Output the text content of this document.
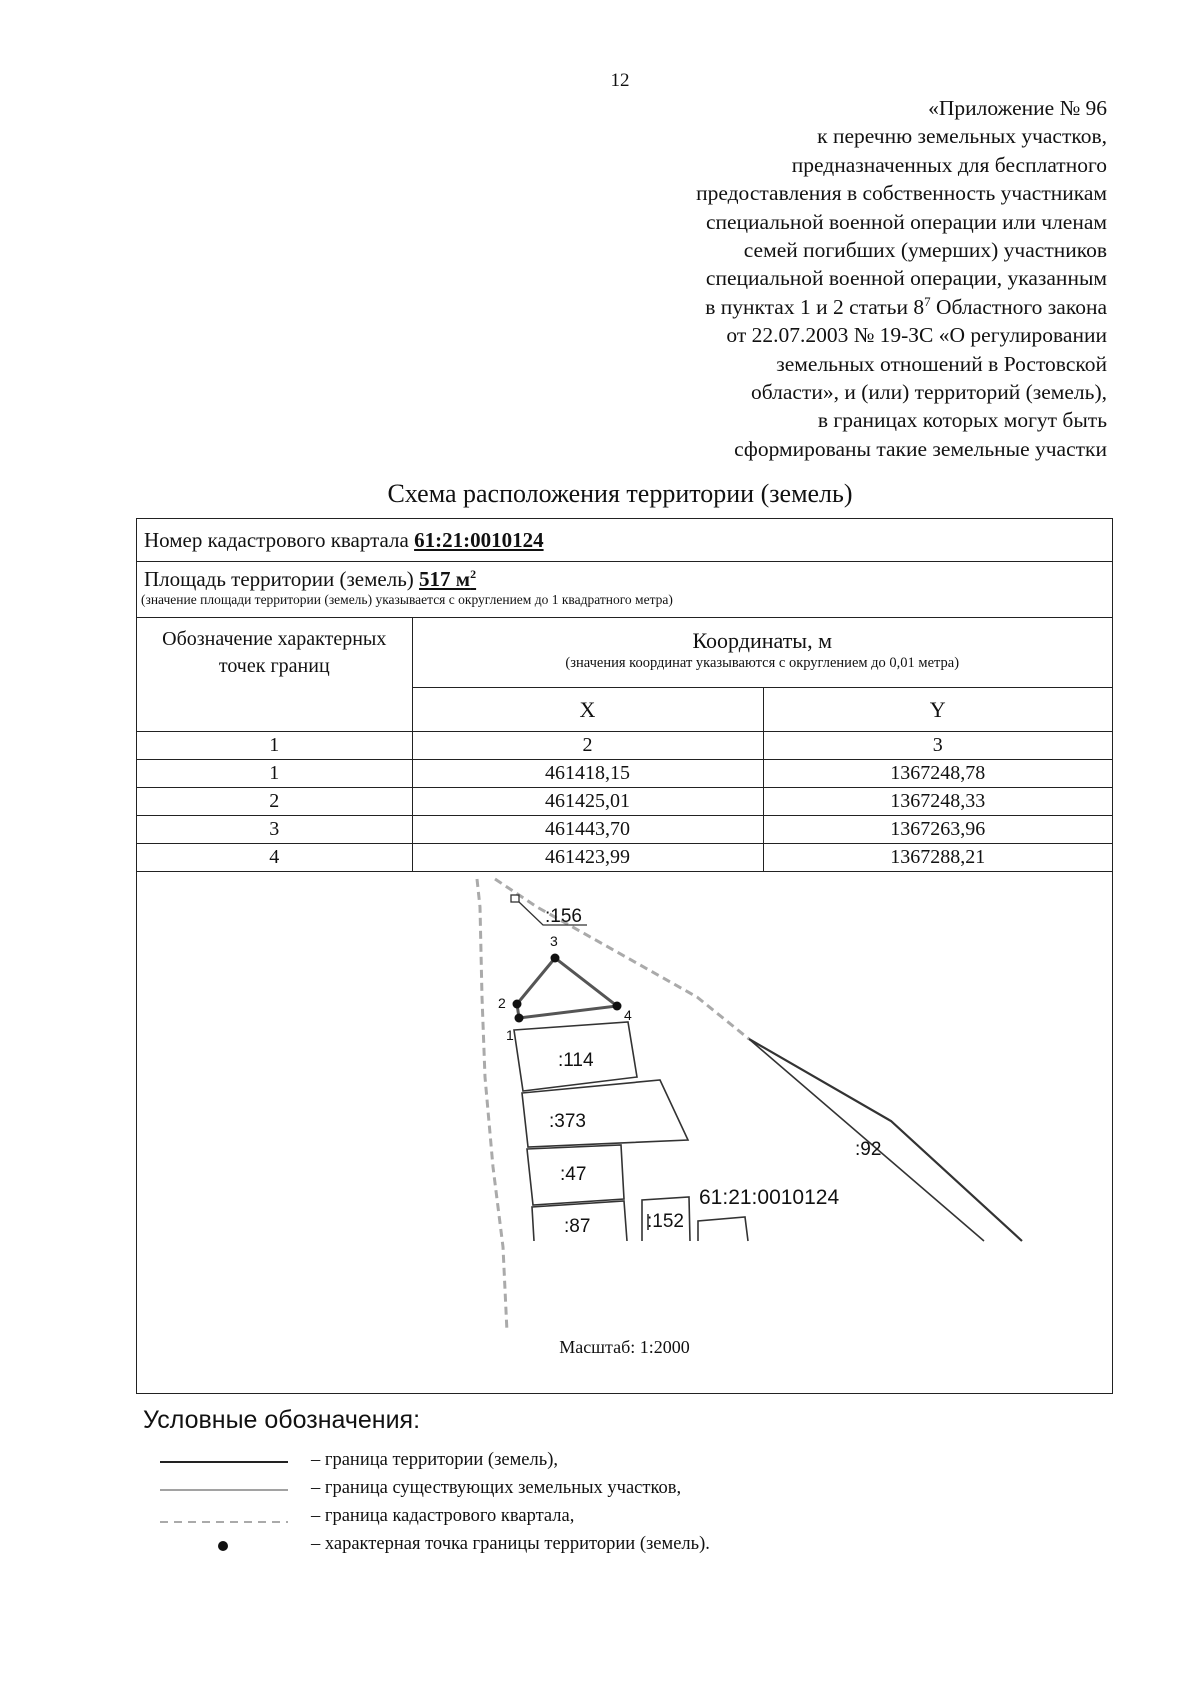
12
«Приложение № 96
к перечню земельных участков,
предназначенных для бесплатного
предоставления в собственность участникам
специальной военной операции или членам
семей погибших (умерших) участников
специальной военной операции, указанным
в пунктах 1 и 2 статьи $8^7$ Областного закона
от 22.07.2003 № 19-ЗС «О регулировании
земельных отношений в Ростовской
области», и (или) территорий (земель),
в границах которых могут быть
сформированы такие земельные участки
Схема расположения территории (земель)
Номер кадастрового квартала 61:21:0010124
Площадь территории (земель) 517 $м^2$
(значение площади территории (земель) указывается с округлением до 1 квадратного метра)
Обозначение характерных точек границ	Координаты, м
(значения координат указываются с округлением до 0,01 метра)	

	X	Y
1	2	3
1	461418,15	1367248,78
2	461425,01	1367248,33
3	461443,70	1367263,96
4	461423,99	1367288,21
:156
1
2
3
4
:114
:373
:47
:87	:152
:92
61:21:0010124
Масштаб: 1:2000
Условные обозначения:
– граница территории (земель),
– граница существующих земельных участков,
– граница кадастрового квартала,
– характерная точка границы территории (земель).
